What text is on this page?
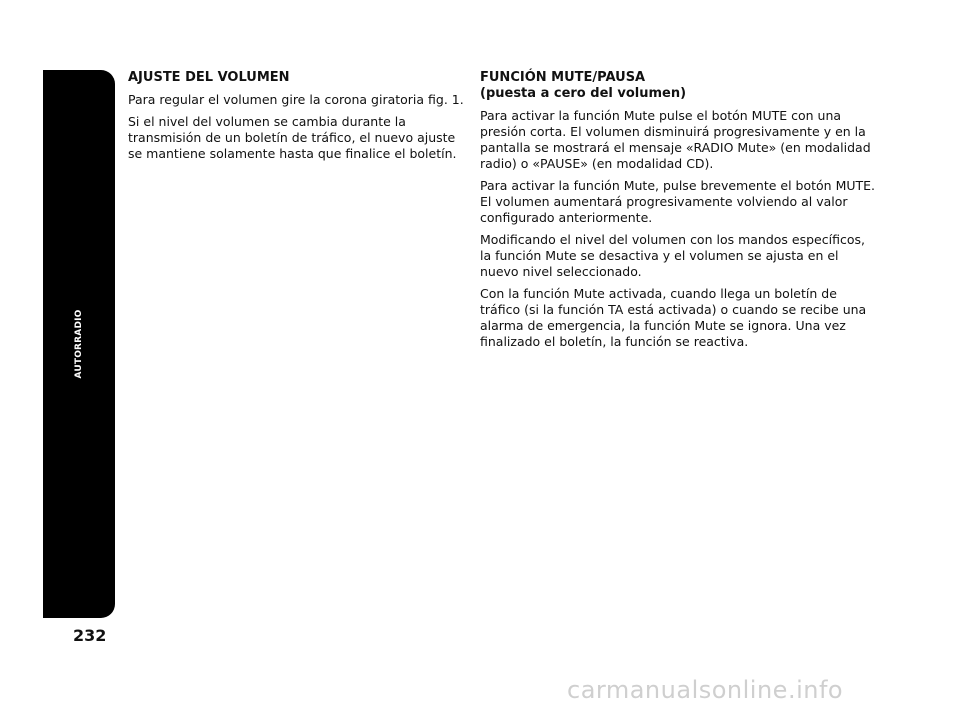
AUTORRADIO
232
AJUSTE DEL VOLUMEN

Para regular el volumen gire la corona giratoria fig. 1.

Si el nivel del volumen se cambia durante la transmisión de un boletín de tráfico, el nuevo ajuste se mantiene solamente hasta que finalice el boletín.

FUNCIÓN MUTE/PAUSA
(puesta a cero del volumen)

Para activar la función Mute pulse el botón MUTE con una presión corta. El volumen disminuirá progresivamente y en la pantalla se mostrará el mensaje «RADIO Mute» (en modalidad radio) o «PAUSE» (en modalidad CD).

Para activar la función Mute, pulse brevemente el botón MUTE. El volumen aumentará progresivamente volviendo al valor configurado anteriormente.

Modificando el nivel del volumen con los mandos específicos, la función Mute se desactiva y el volumen se ajusta en el nuevo nivel seleccionado.

Con la función Mute activada, cuando llega un boletín de tráfico (si la función TA está activada) o cuando se recibe una alarma de emergencia, la función Mute se ignora. Una vez finalizado el boletín, la función se reactiva.

carmanualsonline.info
